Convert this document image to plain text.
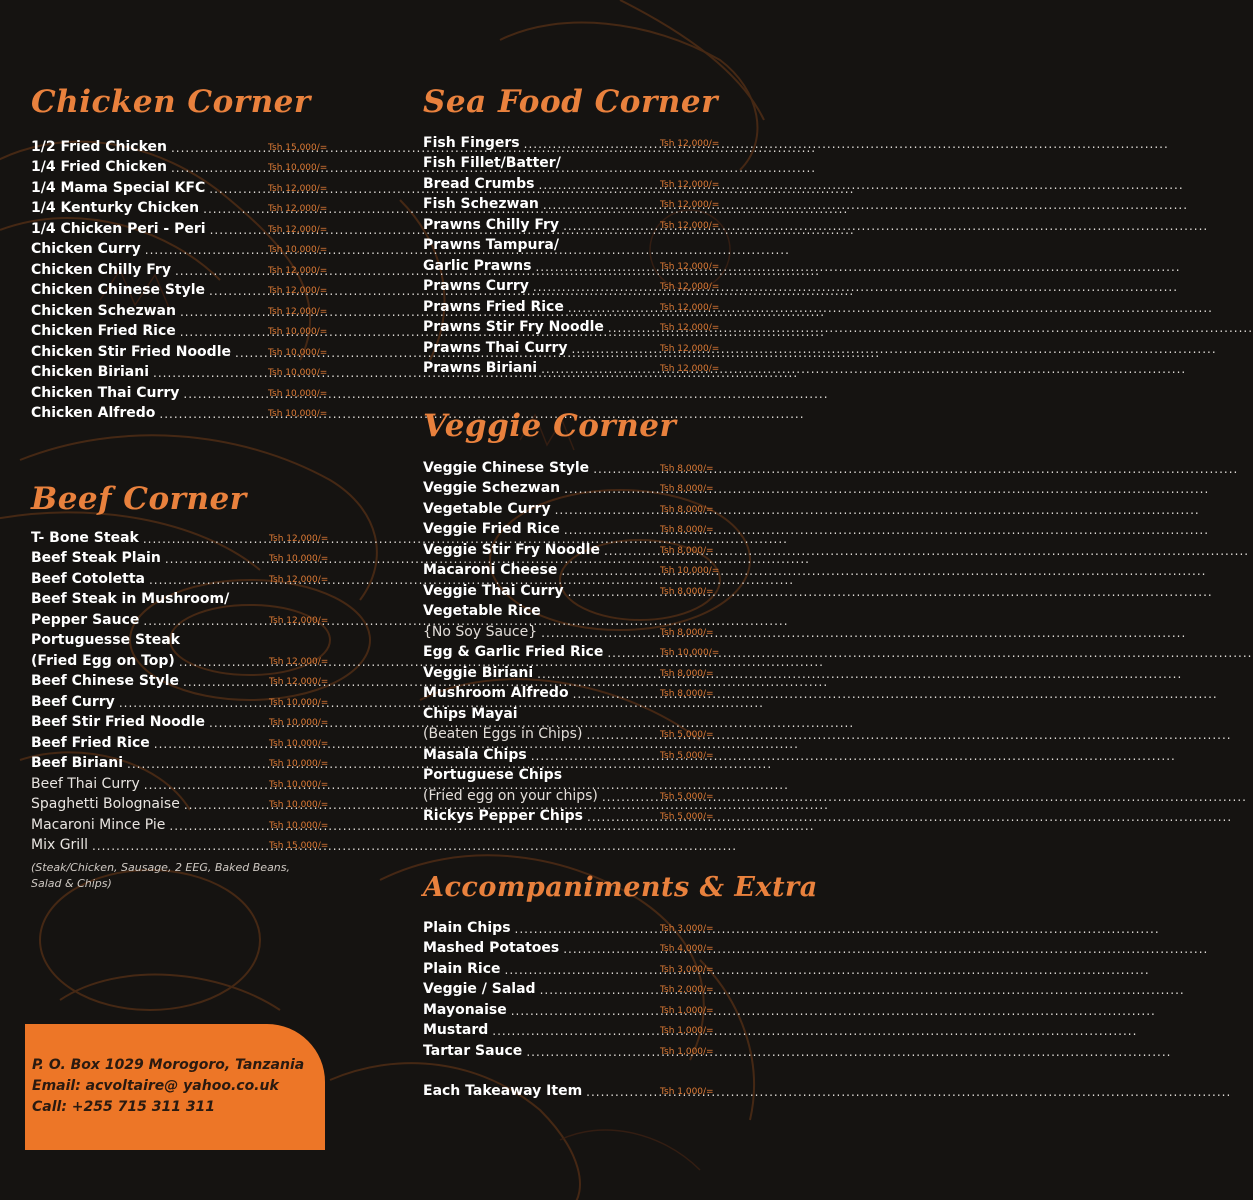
Chicken Corner
1/2 Fried Chicken .....	Tsh 15,000/=
1/4 Fried Chicken .....	Tsh 10,000/=
1/4 Mama Special KFC .....	Tsh 12,000/=
1/4 Kenturky Chicken .....	Tsh 12,000/=
1/4 Chicken Peri - Peri .....	Tsh 12,000/=
Chicken Curry .....	Tsh 10,000/=
Chicken Chilly Fry .....	Tsh 12,000/=
Chicken Chinese Style .....	Tsh 12,000/=
Chicken Schezwan .....	Tsh 12,000/=
Chicken Fried Rice .....	Tsh 10,000/=
Chicken Stir Fried Noodle .....	Tsh 10,000/=
Chicken Biriani .....	Tsh 10,000/=
Chicken Thai Curry .....	Tsh 10,000/=
Chicken Alfredo .....	Tsh 10,000/=
Beef Corner
T- Bone Steak .....	Tsh 12,000/=
Beef Steak Plain .....	Tsh 10,000/=
Beef Cotoletta .....	Tsh 12,000/=
Beef Steak in Mushroom/
Pepper Sauce .....	Tsh 12,000/=
Portuguesse Steak
(Fried Egg on Top) .....	Tsh 12,000/=
Beef Chinese Style .....	Tsh 12,000/=
Beef Curry .....	Tsh 10,000/=
Beef Stir Fried Noodle .....	Tsh 10,000/=
Beef Fried Rice .....	Tsh 10,000/=
Beef Biriani .....	Tsh 10,000/=
Beef Thai Curry .....	Tsh 10,000/=
Spaghetti Bolognaise .....	Tsh 10,000/=
Macaroni Mince Pie .....	Tsh 10,000/=
Mix Grill .....	Tsh 15,000/=
(Steak/Chicken, Sausage, 2 EEG, Baked Beans, Salad & Chips)
Sea Food Corner
Fish Fingers .....	Tsh 12,000/=
Fish Fillet/Batter/
Bread Crumbs .....	Tsh 12,000/=
Fish Schezwan .....	Tsh 12,000/=
Prawns Chilly Fry .....	Tsh 12,000/=
Prawns Tampura/
Garlic Prawns .....	Tsh 12,000/=
Prawns Curry .....	Tsh 12,000/=
Prawns Fried Rice .....	Tsh 12,000/=
Prawns Stir Fry Noodle .....	Tsh 12,000/=
Prawns Thai Curry .....	Tsh 12,000/=
Prawns Biriani .....	Tsh 12,000/=
Veggie Corner
Veggie Chinese Style .....	Tsh 8,000/=
Veggie Schezwan .....	Tsh 8,000/=
Vegetable Curry .....	Tsh 8,000/=
Veggie Fried Rice .....	Tsh 8,000/=
Veggie Stir Fry Noodle .....	Tsh 8,000/=
Macaroni Cheese .....	Tsh 10,000/=
Veggie Thai Curry .....	Tsh 8,000/=
Vegetable Rice
{No Soy Sauce} .....	Tsh 8,000/=
Egg & Garlic Fried Rice .....	Tsh 10,000/=
Veggie Biriani .....	Tsh 8,000/=
Mushroom Alfredo .....	Tsh 8,000/=
Chips Mayai
(Beaten Eggs in Chips) .....	Tsh 5,000/=
Masala Chips .....	Tsh 5,000/=
Portuguese Chips
(Fried egg on your chips) .....	Tsh 5,000/=
Rickys Pepper Chips .....	Tsh 5,000/=
Accompaniments & Extra
Plain Chips .....	Tsh 3,000/=
Mashed Potatoes .....	Tsh 4,000/=
Plain Rice .....	Tsh 3,000/=
Veggie / Salad .....	Tsh 2,000/=
Mayonaise .....	Tsh 1,000/=
Mustard .....	Tsh 1,000/=
Tartar Sauce .....	Tsh 1,000/=
Each Takeaway Item .....	Tsh 1,000/=
P. O. Box 1029 Morogoro, Tanzania
Email: acvoltaire@ yahoo.co.uk
Call: +255 715 311 311
